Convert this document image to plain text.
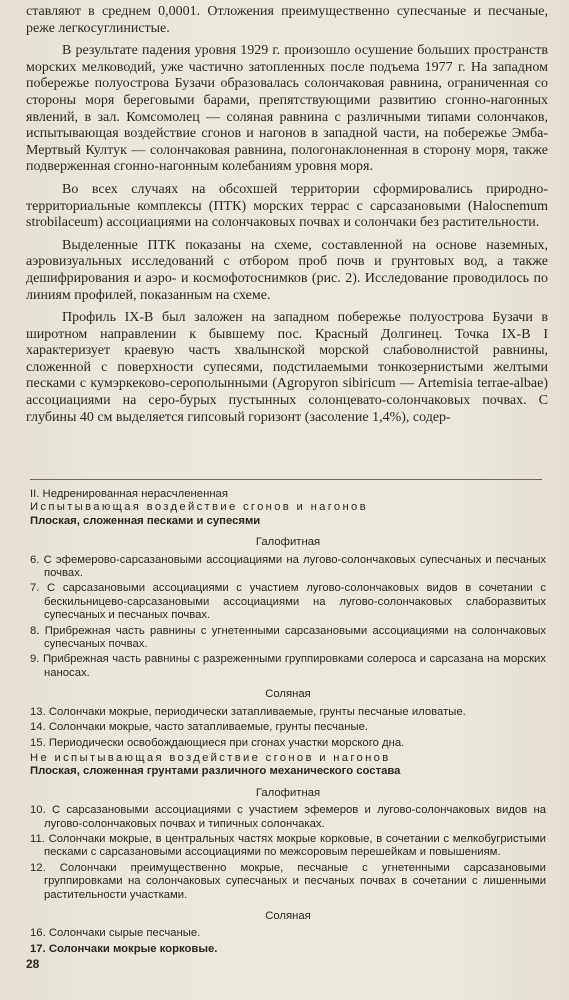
ставляют в среднем 0,0001. Отложения преимущественно супесчаные и песчаные, реже легкосуглинистые.

В результате падения уровня 1929 г. произошло осушение больших пространств морских мелководий, уже частично затопленных после подъема 1977 г. На западном побережье полуострова Бузачи образовалась солончаковая равнина, ограниченная со стороны моря береговыми барами, препятствующими развитию сгонно-нагонных явлений, в зал. Комсомолец — соляная равнина с различными типами солончаков, испытывающая воздействие сгонов и нагонов в западной части, на побережье Эмба-Мертвый Култук — солончаковая равнина, пологонаклоненная в сторону моря, также подверженная сгонно-нагонным колебаниям уровня моря.

Во всех случаях на обсохшей территории сформировались природно-территориальные комплексы (ПТК) морских террас с сарсазановыми (Halocnemum strobilaceum) ассоциациями на солончаковых почвах и солончаки без растительности.

Выделенные ПТК показаны на схеме, составленной на основе наземных, аэровизуальных исследований с отбором проб почв и грунтовых вод, а также дешифрирования и аэро- и космофотоснимков (рис. 2). Исследование проводилось по линиям профилей, показанным на схеме.

Профиль IX-B был заложен на западном побережье полуострова Бузачи в широтном направлении к бывшему пос. Красный Долгинец. Точка IX-B I характеризует краевую часть хвалынской морской слабоволнистой равнины, сложенной с поверхности супесями, подстилаемыми тонкозернистыми желтыми песками с кумэркеково-серополынными (Agropyron sibiricum — Artemisia terrae-albae) ассоциациями на серо-бурых пустынных солонцевато-солончаковых почвах. С глубины 40 см выделяется гипсовый горизонт (засоление 1,4%), содер-

II. Недренированная нерасчлененная

Испытывающая воздействие сгонов и нагонов

Плоская, сложенная песками и супесями

Галофитная

6. С эфемерово-сарсазановыми ассоциациями на лугово-солончаковых супесчаных и песчаных почвах.
7. С сарсазановыми ассоциациями с участием лугово-солончаковых видов в сочетании с бескильницево-сарсазановыми ассоциациями на лугово-солончаковых слаборазвитых супесчаных и песчаных почвах.
8. Прибрежная часть равнины с угнетенными сарсазановыми ассоциациями на солончаковых супесчаных почвах.
9. Прибрежная часть равнины с разреженными группировками солероса и сарсазана на морских наносах.

Соляная

13. Солончаки мокрые, периодически затапливаемые, грунты песчаные иловатые.
14. Солончаки мокрые, часто затапливаемые, грунты песчаные.
15. Периодически освобождающиеся при сгонах участки морского дна.

Не испытывающая воздействие сгонов и нагонов

Плоская, сложенная грунтами различного механического состава

Галофитная

10. С сарсазановыми ассоциациями с участием эфемеров и лугово-солончаковых видов на лугово-солончаковых почвах и типичных солончаках.
11. Солончаки мокрые, в центральных частях мокрые корковые, в сочетании с мелкобугристыми песками с сарсазановыми ассоциациями по межсоровым перешейкам и повышениям.
12. Солончаки преимущественно мокрые, песчаные с угнетенными сарсазановыми группировками на солончаковых супесчаных и песчаных почвах в сочетании с лишенными растительности участками.

Соляная

16. Солончаки сырые песчаные.
17. Солончаки мокрые корковые.
28
